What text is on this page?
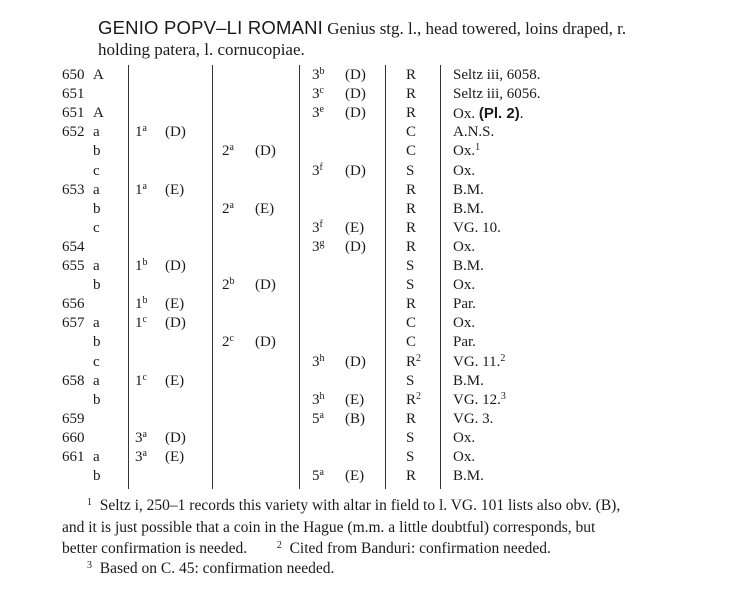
GENIO POPV–LI ROMANI Genius stg. l., head towered, loins draped, r.
holding patera, l. cornucopiae.
650 A	3$^b$ (D)	R Seltz iii, 6058.
651	3$^c$ (D)	R Seltz iii, 6056.
651 A	3e (D)	R Ox. (Pl. 2).
652 a 1$^a$ (D)	C A.N.S.
b	2$^a$ (D)	C Ox.$^1$
c	3$^f$ (D)	S	Ox.
653 a 1$^a$ (E)	R B.M.
b	2$^a$ (E)	R B.M.
c	3$^f$ (E)	R VG. 10.
654	3$^g$ (D)	R Ox.
655 a 1$^b$ (D)	S	B.M.
b	2$^b$ (D)	S	Ox.
656	1$^b$ (E)	R Par.
657 a 1$^c$ (D)	C Ox.
b	2$^c$ (D)	C Par.
c	3$^h$ (D)	$R^2$ VG. 11.$^2$
658 a 1$^c$ (E)	S	B.M.
b	3$^h$ (E)	$R^2$ VG. 12.$^3$
659	5$^a$ (B)	R VG. 3.
660	3$^a$ (D)	S	Ox.
661 a 3$^a$ (E)	S	Ox.
b	5$^a$ (E)	R B.M.
$^1$ Seltz i, 250–1 records this variety with altar in field to l. VG. 101 lists also obv. (B),
and it is just possible that a coin in the Hague (m.m. a little doubtful) corresponds, but
better confirmation is needed.	$^2$ Cited from Banduri: confirmation needed.
$^3$ Based on C. 45: confirmation needed.
